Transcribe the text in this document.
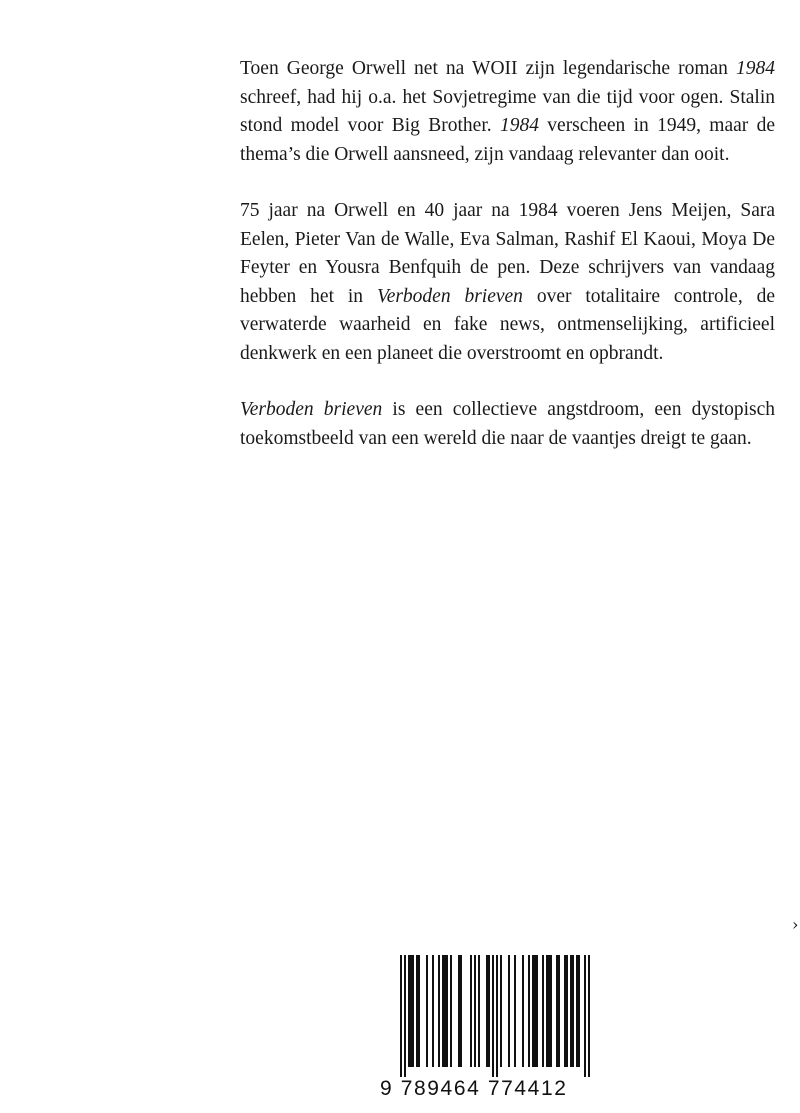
Toen George Orwell net na WOII zijn legendarische roman 1984 schreef, had hij o.a. het Sovjetregime van die tijd voor ogen. Stalin stond model voor Big Brother. 1984 verscheen in 1949, maar de thema’s die Orwell aansneed, zijn vandaag relevanter dan ooit.

75 jaar na Orwell en 40 jaar na 1984 voeren Jens Meijen, Sara Eelen, Pieter Van de Walle, Eva Salman, Rashif El Kaoui, Moya De Feyter en Yousra Benfquih de pen. Deze schrijvers van vandaag hebben het in Verboden brieven over totalitaire controle, de verwaterde waarheid en fake news, ontmenselijking, artificieel denkwerk en een planeet die overstroomt en opbrandt.

Verboden brieven is een collectieve angstdroom, een dystopisch toekomstbeeld van een wereld die naar de vaantjes dreigt te gaan.

›
9 789464 774412
